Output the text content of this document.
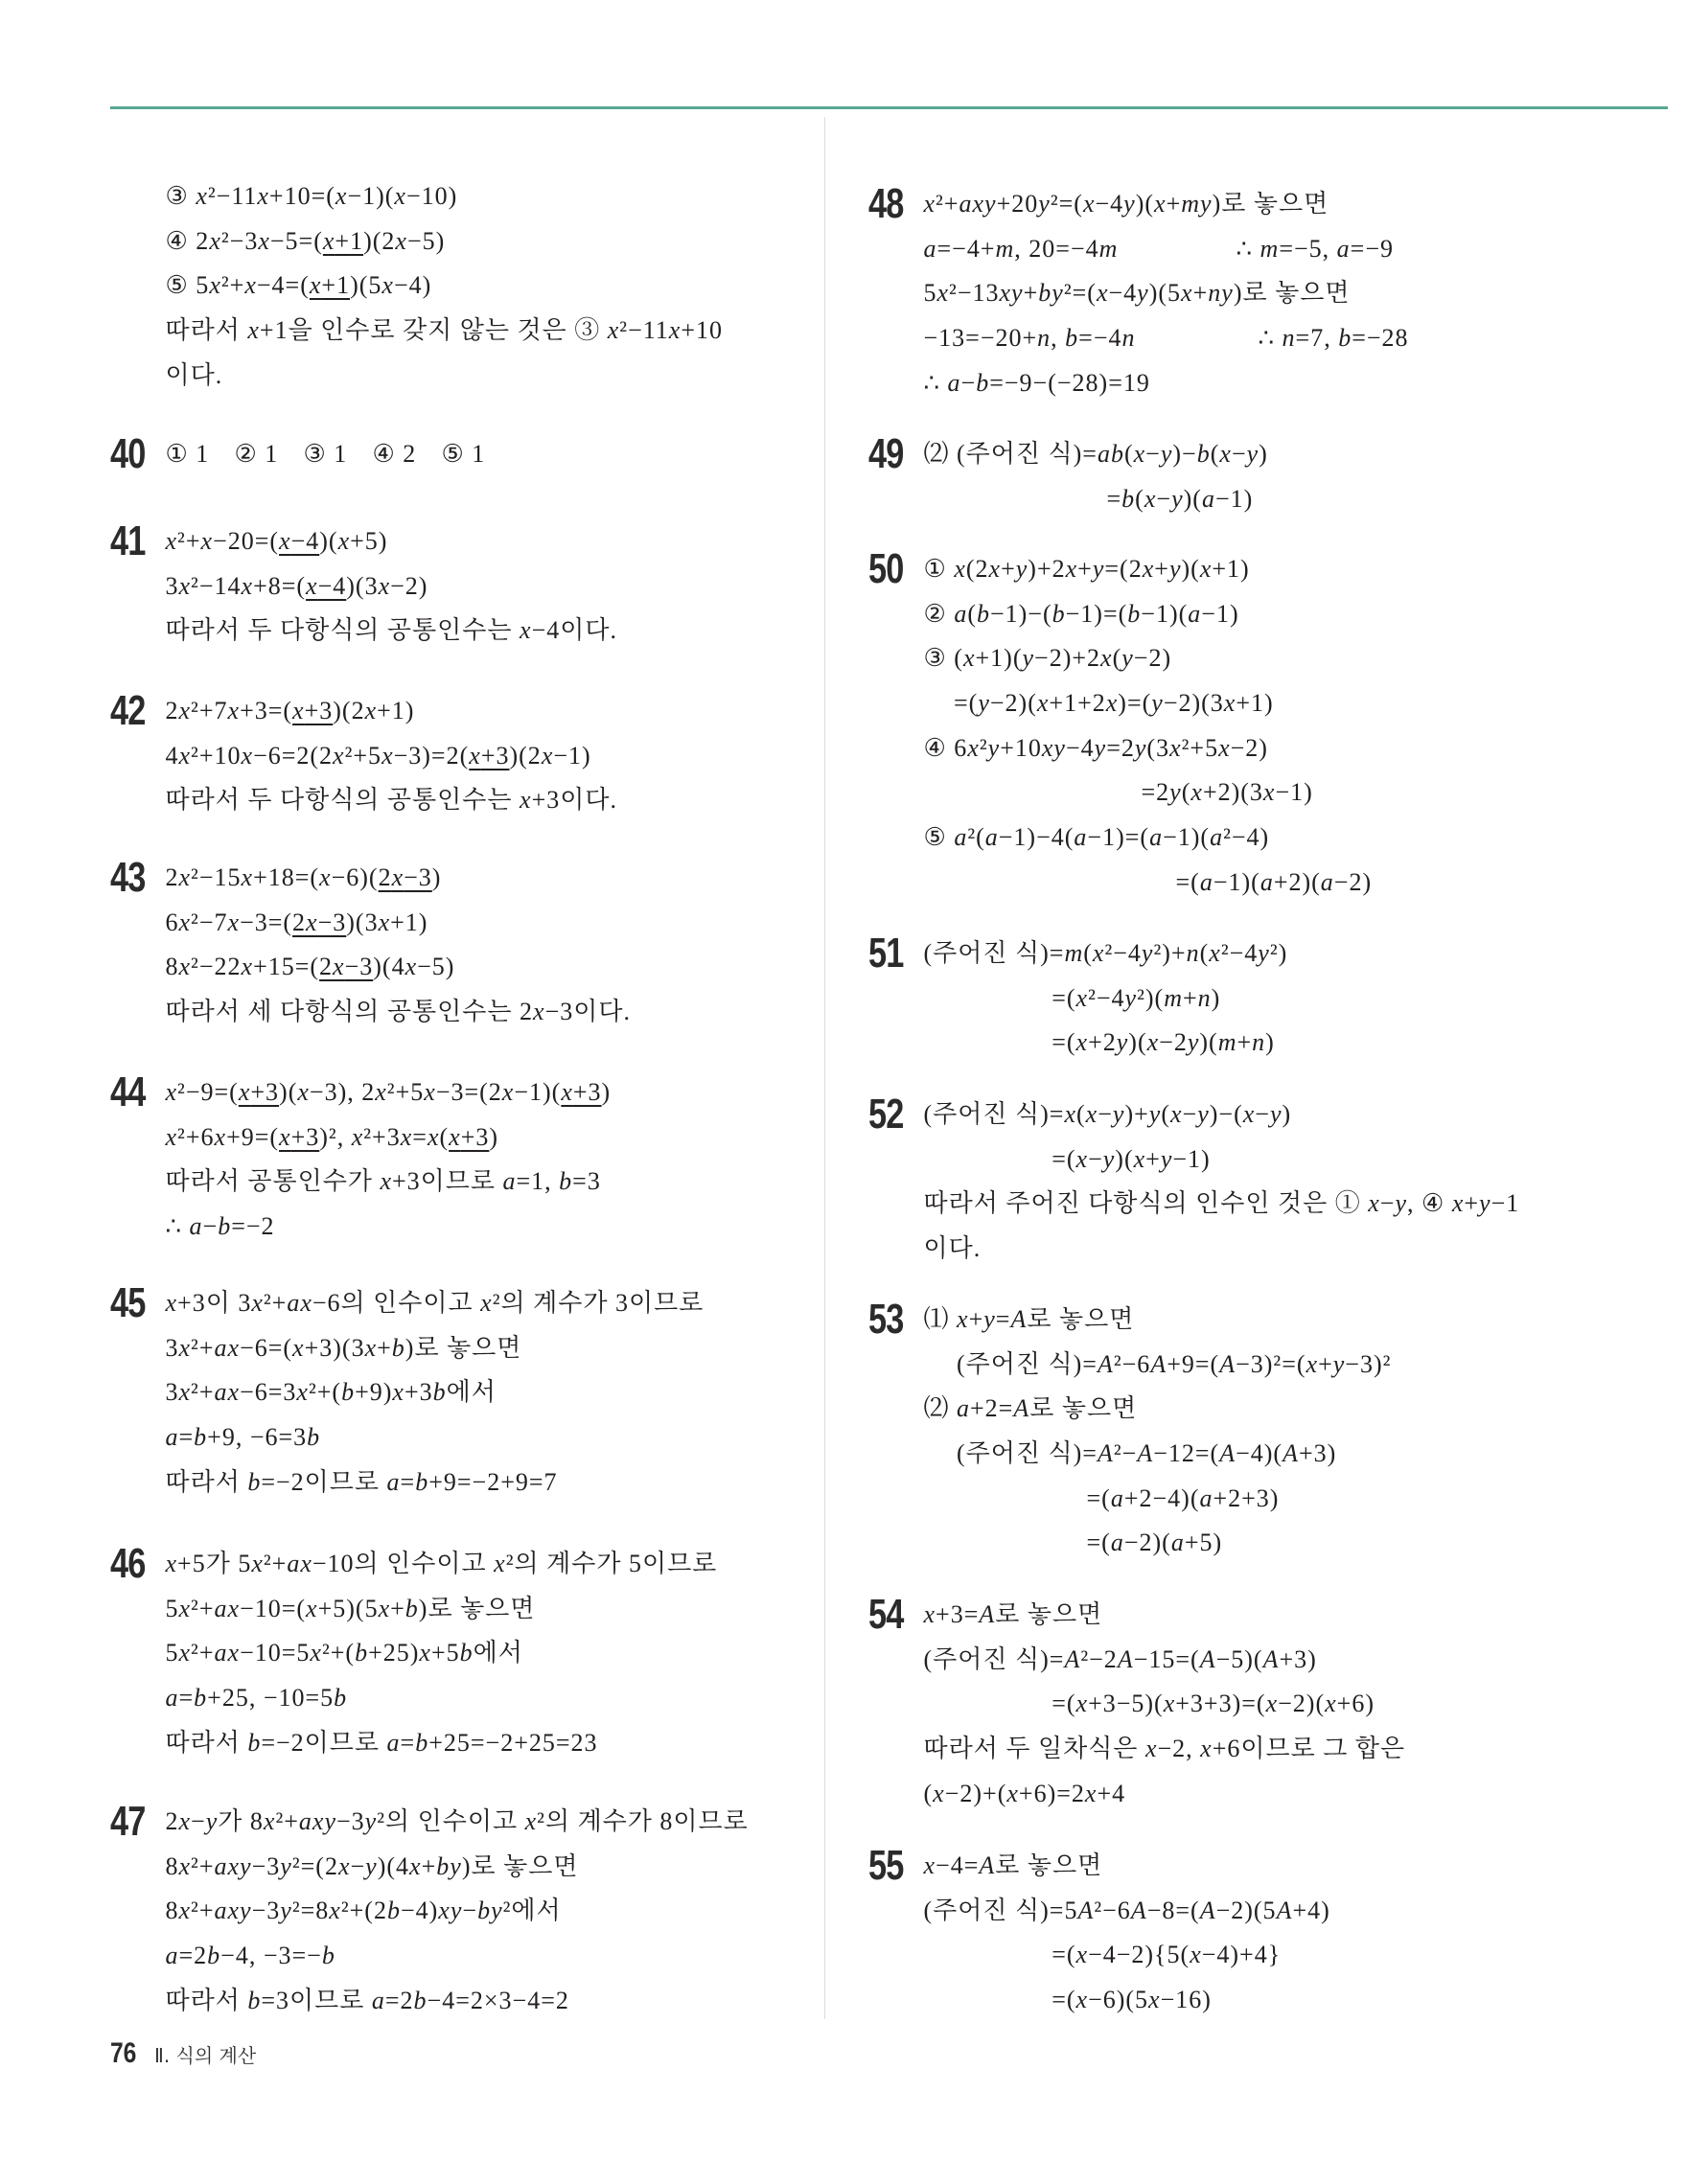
③ x²−11x+10=(x−1)(x−10)
④ 2x²−3x−5=(x+1)(2x−5)
⑤ 5x²+x−4=(x+1)(5x−4)
따라서 x+1을 인수로 갖지 않는 것은 ③ x²−11x+10
이다.
40 ① 1 ② 1 ③ 1 ④ 2 ⑤ 1
41 x²+x−20=(x−4)(x+5)
3x²−14x+8=(x−4)(3x−2)
따라서 두 다항식의 공통인수는 x−4이다.
42 2x²+7x+3=(x+3)(2x+1)
4x²+10x−6=2(2x²+5x−3)=2(x+3)(2x−1)
따라서 두 다항식의 공통인수는 x+3이다.
43 2x²−15x+18=(x−6)(2x−3)
6x²−7x−3=(2x−3)(3x+1)
8x²−22x+15=(2x−3)(4x−5)
따라서 세 다항식의 공통인수는 2x−3이다.
44 x²−9=(x+3)(x−3), 2x²+5x−3=(2x−1)(x+3)
x²+6x+9=(x+3)², x²+3x=x(x+3)
따라서 공통인수가 x+3이므로 a=1, b=3
∴ a−b=−2
45 x+3이 3x²+ax−6의 인수이고 x²의 계수가 3이므로
3x²+ax−6=(x+3)(3x+b)로 놓으면
3x²+ax−6=3x²+(b+9)x+3b에서
a=b+9, −6=3b
따라서 b=−2이므로 a=b+9=−2+9=7
46 x+5가 5x²+ax−10의 인수이고 x²의 계수가 5이므로
5x²+ax−10=(x+5)(5x+b)로 놓으면
5x²+ax−10=5x²+(b+25)x+5b에서
a=b+25, −10=5b
따라서 b=−2이므로 a=b+25=−2+25=23
47 2x−y가 8x²+axy−3y²의 인수이고 x²의 계수가 8이므로
8x²+axy−3y²=(2x−y)(4x+by)로 놓으면
8x²+axy−3y²=8x²+(2b−4)xy−by²에서
a=2b−4, −3=−b
따라서 b=3이므로 a=2b−4=2×3−4=2
48 x²+axy+20y²=(x−4y)(x+my)로 놓으면
a=−4+m, 20=−4m	∴ m=−5, a=−9
5x²−13xy+by²=(x−4y)(5x+ny)로 놓으면
−13=−20+n, b=−4n	∴ n=7, b=−28
∴ a−b=−9−(−28)=19
49 ⑵ (주어진 식)=ab(x−y)−b(x−y)
=b(x−y)(a−1)
50 ① x(2x+y)+2x+y=(2x+y)(x+1)
② a(b−1)−(b−1)=(b−1)(a−1)
③ (x+1)(y−2)+2x(y−2)
=(y−2)(x+1+2x)=(y−2)(3x+1)
④ 6x²y+10xy−4y=2y(3x²+5x−2)
=2y(x+2)(3x−1)
⑤ a²(a−1)−4(a−1)=(a−1)(a²−4)
=(a−1)(a+2)(a−2)
51 (주어진 식)=m(x²−4y²)+n(x²−4y²)
=(x²−4y²)(m+n)
=(x+2y)(x−2y)(m+n)
52 (주어진 식)=x(x−y)+y(x−y)−(x−y)
=(x−y)(x+y−1)
따라서 주어진 다항식의 인수인 것은 ① x−y, ④ x+y−1
이다.
53 ⑴ x+y=A로 놓으면
(주어진 식)=A²−6A+9=(A−3)²=(x+y−3)²
⑵ a+2=A로 놓으면
(주어진 식)=A²−A−12=(A−4)(A+3)
=(a+2−4)(a+2+3)
=(a−2)(a+5)
54 x+3=A로 놓으면
(주어진 식)=A²−2A−15=(A−5)(A+3)
=(x+3−5)(x+3+3)=(x−2)(x+6)
따라서 두 일차식은 x−2, x+6이므로 그 합은
(x−2)+(x+6)=2x+4
55 x−4=A로 놓으면
(주어진 식)=5A²−6A−8=(A−2)(5A+4)
=(x−4−2){5(x−4)+4}
=(x−6)(5x−16)
76 Ⅱ. 식의 계산
